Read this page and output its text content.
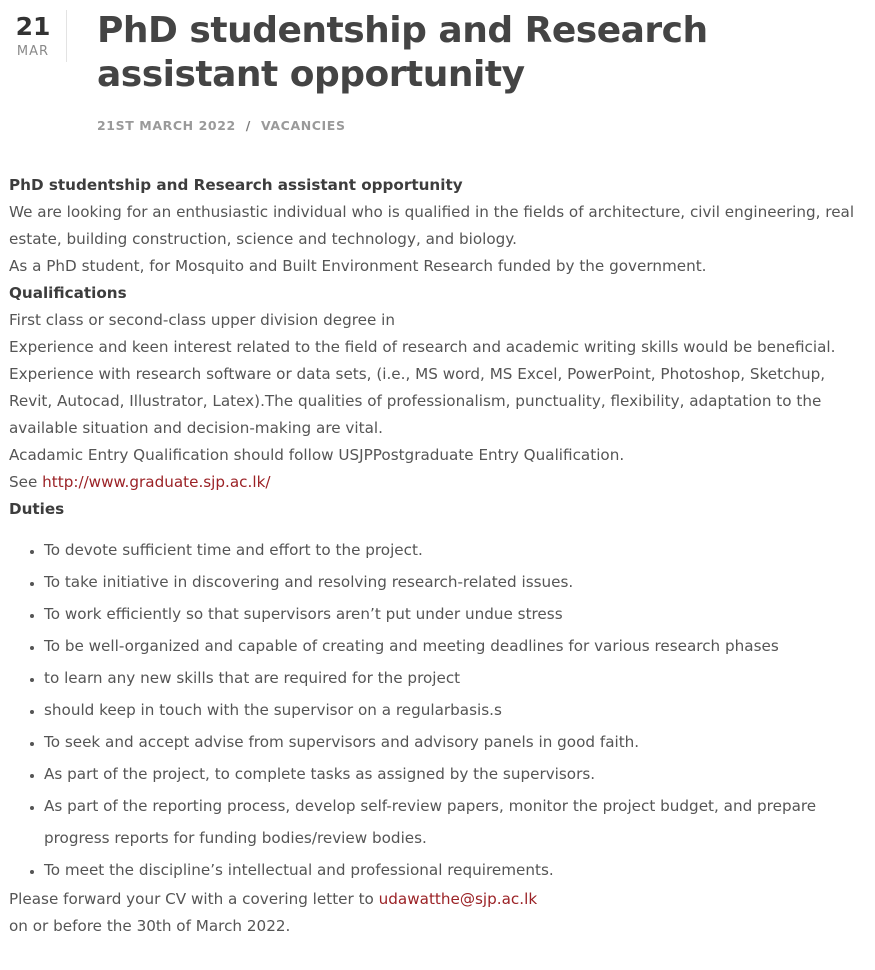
21
MAR
PhD studentship and Research assistant opportunity
21ST MARCH 2022 / VACANCIES

PhD studentship and Research assistant opportunity

We are looking for an enthusiastic individual who is qualified in the fields of architecture, civil engineering, real estate, building construction, science and technology, and biology.

As a PhD student, for Mosquito and Built Environment Research funded by the government.

Qualifications

First class or second-class upper division degree in

Experience and keen interest related to the field of research and academic writing skills would be beneficial.

Experience with research software or data sets, (i.e., MS word, MS Excel, PowerPoint, Photoshop, Sketchup, Revit, Autocad, Illustrator, Latex).The qualities of professionalism, punctuality, flexibility, adaptation to the available situation and decision-making are vital.

Acadamic Entry Qualification should follow USJPPostgraduate Entry Qualification.

See http://www.graduate.sjp.ac.lk/

Duties

• To devote sufficient time and effort to the project.
• To take initiative in discovering and resolving research-related issues.
• To work efficiently so that supervisors aren’t put under undue stress
• To be well-organized and capable of creating and meeting deadlines for various research phases
• to learn any new skills that are required for the project
• should keep in touch with the supervisor on a regularbasis.s
• To seek and accept advise from supervisors and advisory panels in good faith.
• As part of the project, to complete tasks as assigned by the supervisors.
• As part of the reporting process, develop self-review papers, monitor the project budget, and prepare progress reports for funding bodies/review bodies.
• To meet the discipline’s intellectual and professional requirements.

Please forward your CV with a covering letter to udawatthe@sjp.ac.lk

on or before the 30th of March 2022.
